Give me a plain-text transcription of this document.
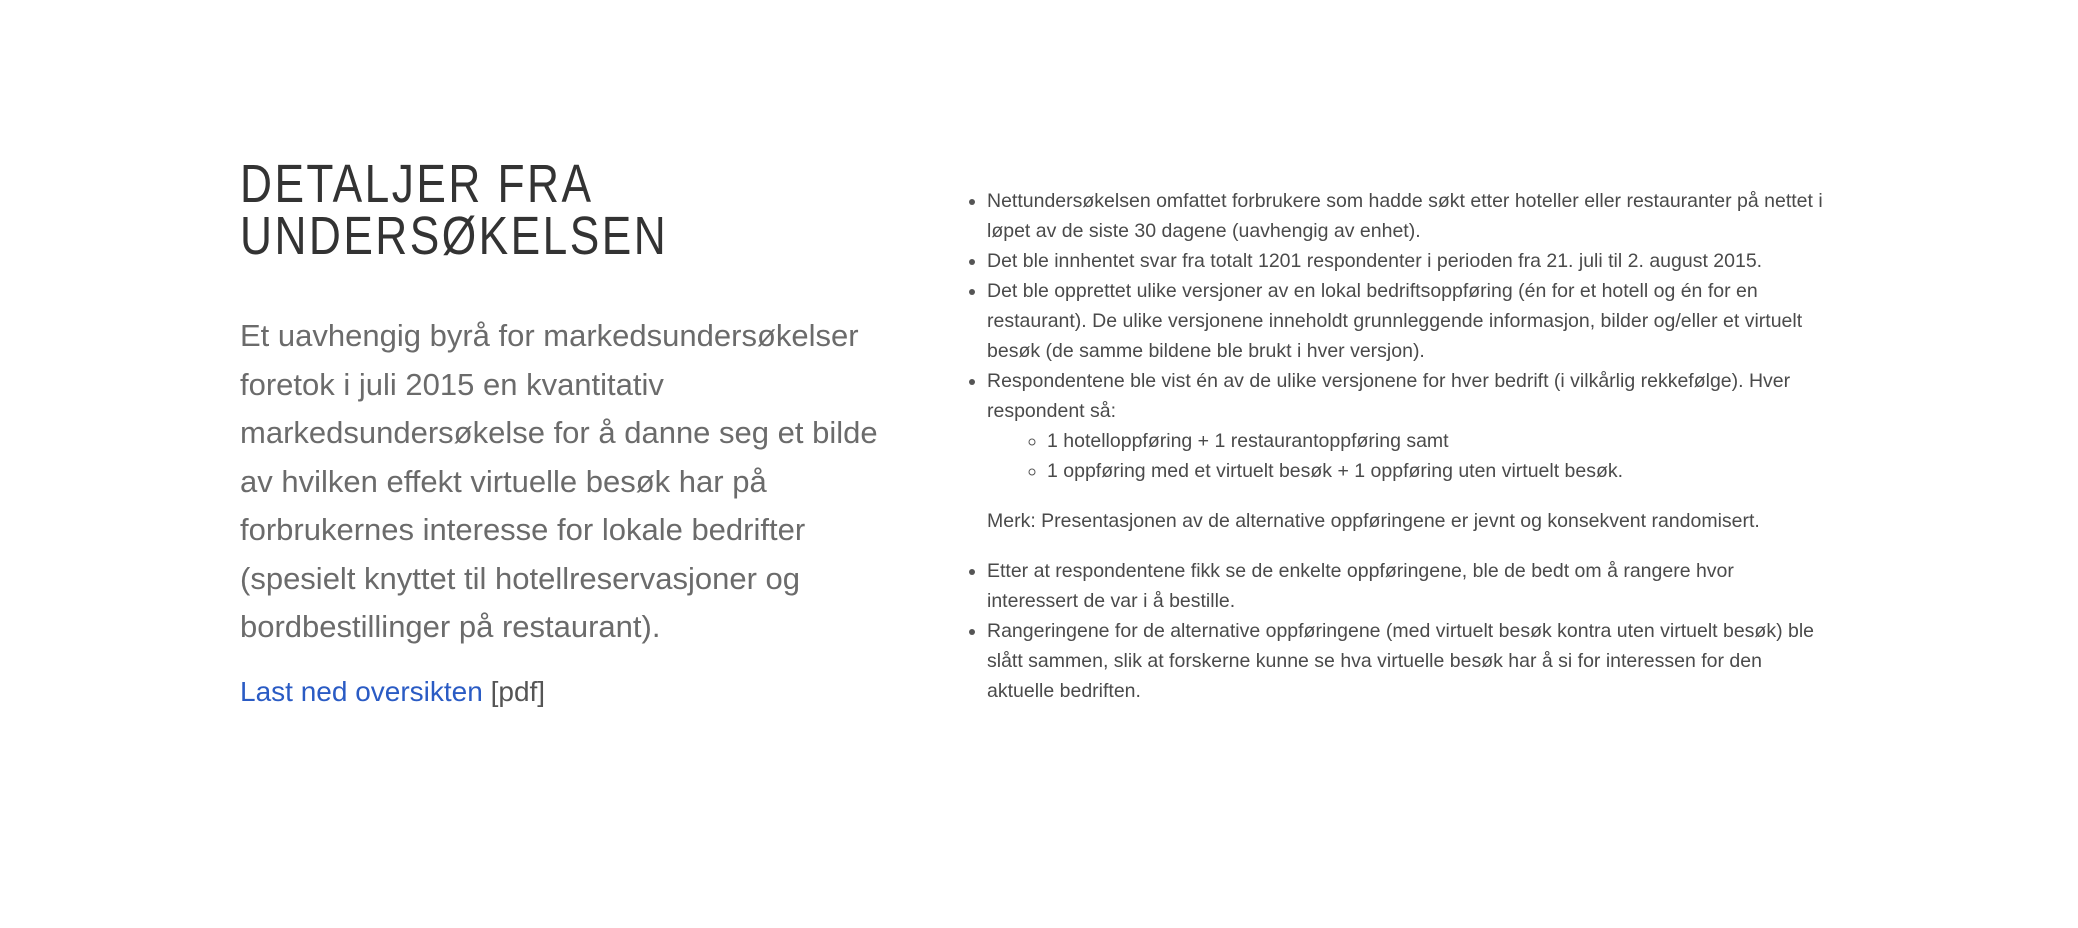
DETALJER FRA
UNDERSØKELSEN

Et uavhengig byrå for markedsundersøkelser foretok i juli 2015 en kvantitativ markedsundersøkelse for å danne seg et bilde av hvilken effekt virtuelle besøk har på forbrukernes interesse for lokale bedrifter (spesielt knyttet til hotellreservasjoner og bordbestillinger på restaurant).

Last ned oversikten [pdf]
• Nettundersøkelsen omfattet forbrukere som hadde søkt etter hoteller eller restauranter på nettet i løpet av de siste 30 dagene (uavhengig av enhet).
• Det ble innhentet svar fra totalt 1201 respondenter i perioden fra 21. juli til 2. august 2015.
• Det ble opprettet ulike versjoner av en lokal bedriftsoppføring (én for et hotell og én for en restaurant). De ulike versjonene inneholdt grunnleggende informasjon, bilder og/eller et virtuelt besøk (de samme bildene ble brukt i hver versjon).
• Respondentene ble vist én av de ulike versjonene for hver bedrift (i vilkårlig rekkefølge). Hver respondent så:
◦ 1 hotelloppføring + 1 restaurantoppføring samt
◦ 1 oppføring med et virtuelt besøk + 1 oppføring uten virtuelt besøk.

Merk: Presentasjonen av de alternative oppføringene er jevnt og konsekvent randomisert.

• Etter at respondentene fikk se de enkelte oppføringene, ble de bedt om å rangere hvor interessert de var i å bestille.
• Rangeringene for de alternative oppføringene (med virtuelt besøk kontra uten virtuelt besøk) ble slått sammen, slik at forskerne kunne se hva virtuelle besøk har å si for interessen for den aktuelle bedriften.
